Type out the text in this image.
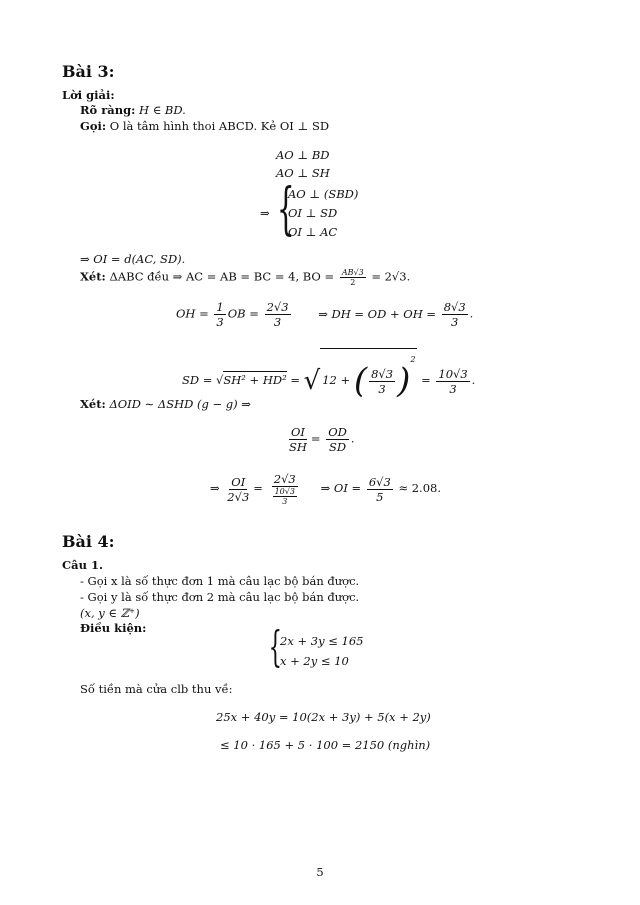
Bài 3:
Lời giải:
Rõ ràng: H ∈ BD.
Gọi: O là tâm hình thoi ABCD. Kẻ OI ⊥ SD
AO ⊥ BD
AO ⊥ SH
⇒ {
AO ⊥ (SBD)
OI ⊥ SD
OI ⊥ AC
⇒ OI = d(AC, SD).
Xét: ΔABC đều ⇒ AC = AB = BC = 4, BO = $\frac{AB√3}{2} = 2√3$.
OH = $\frac{1}{3}$ OB = $\frac{2√3}{3}$ ⇒ DH = OD + OH = $\frac{8√3}{3}$ .
SD = √SH² + HD² = √ 12 + ( $\frac{8√3}{3} )^2 = \frac{10√3}{3}$ .
Xét: ΔOID ∼ ΔSHD (g − g) ⇒
$\frac{OI}{SH} = \frac{OD}{SD}$ .
⇒ $\frac{OI}{2√3} = \frac{2√3}{\frac{10√3}{3}}$ ⇒ OI = $\frac{6√3}{5} \approx 2.08$.
Bài 4:
Câu 1.
- Gọi x là số thực đơn 1 mà câu lạc bộ bán được.
- Gọi y là số thực đơn 2 mà câu lạc bộ bán được.
(x, y ∈ ℤ⁺)
Điều kiện:	{
2x + 3y ≤ 165
x + 2y ≤ 10
Số tiền mà cửa clb thu về:
25x + 40y = 10(2x + 3y) + 5(x + 2y)
≤ 10 · 165 + 5 · 100 = 2150 (nghìn)
5
